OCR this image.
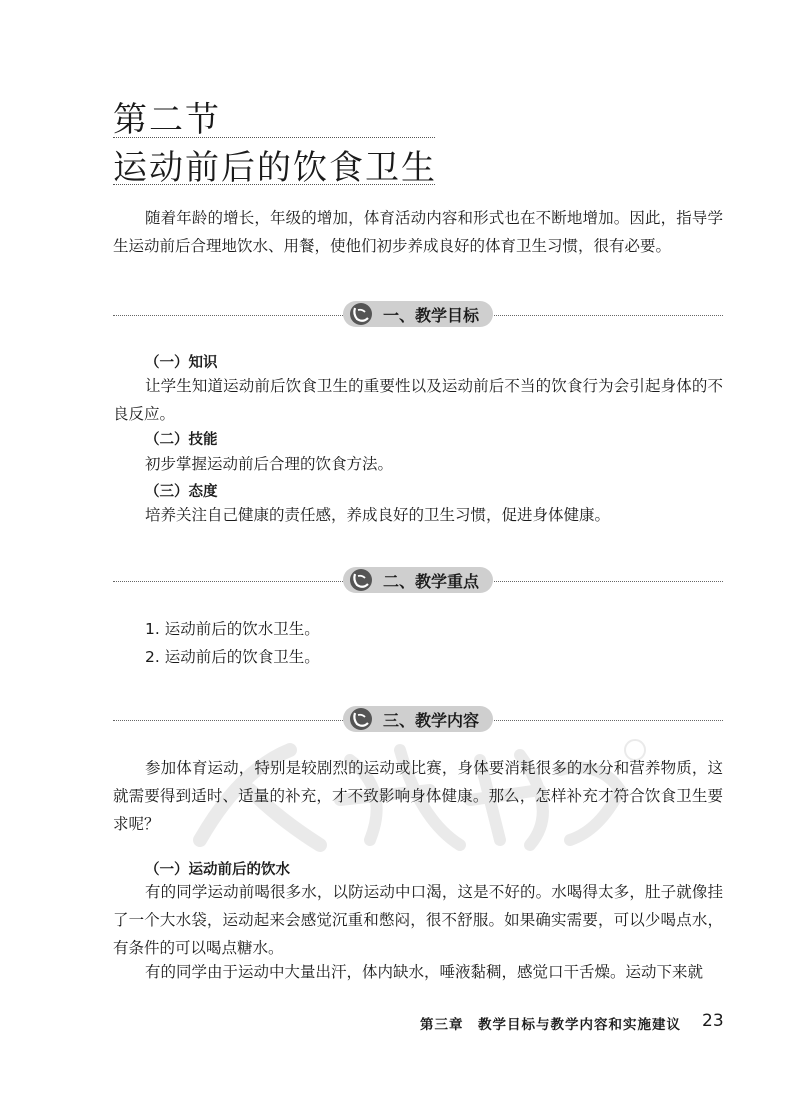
第二节
运动前后的饮食卫生

随着年龄的增长，年级的增加，体育活动内容和形式也在不断地增加。因此，指导学生运动前后合理地饮水、用餐，使他们初步养成良好的体育卫生习惯，很有必要。

一、教学目标
（一）知识

让学生知道运动前后饮食卫生的重要性以及运动前后不当的饮食行为会引起身体的不良反应。

（二）技能
初步掌握运动前后合理的饮食方法。
（三）态度
培养关注自己健康的责任感，养成良好的卫生习惯，促进身体健康。
二、教学重点
1. 运动前后的饮水卫生。
2. 运动前后的饮食卫生。
三、教学内容

参加体育运动，特别是较剧烈的运动或比赛，身体要消耗很多的水分和营养物质，这就需要得到适时、适量的补充，才不致影响身体健康。那么，怎样补充才符合饮食卫生要求呢？

（一）运动前后的饮水

有的同学运动前喝很多水，以防运动中口渴，这是不好的。水喝得太多，肚子就像挂了一个大水袋，运动起来会感觉沉重和憋闷，很不舒服。如果确实需要，可以少喝点水，有条件的可以喝点糖水。

有的同学由于运动中大量出汗，体内缺水，唾液黏稠，感觉口干舌燥。运动下来就

第三章　教学目标与教学内容和实施建议 23
